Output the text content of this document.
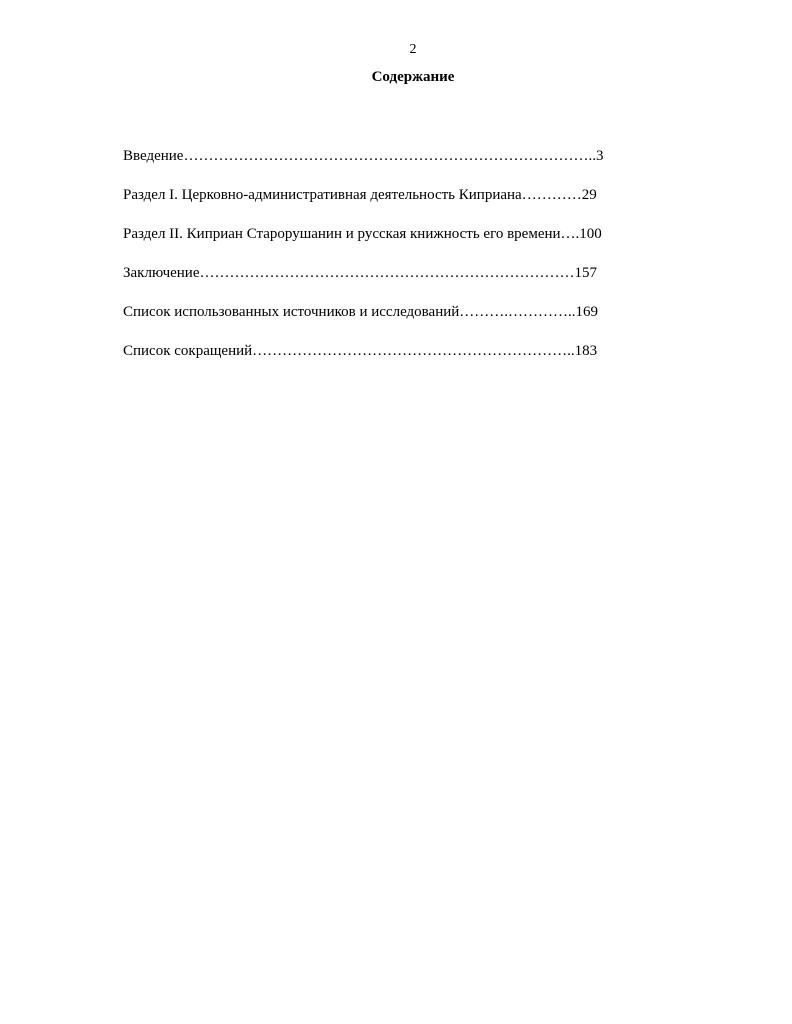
2
Содержание
Введение………………………………………………………………………..3
Раздел I. Церковно-административная деятельность Киприана…………29
Раздел II. Киприан Старорушанин и русская книжность его времени….100
Заключение…………………………………………………………………157
Список использованных источников и исследований……….…………..169
Список сокращений………………………………………………………..183
